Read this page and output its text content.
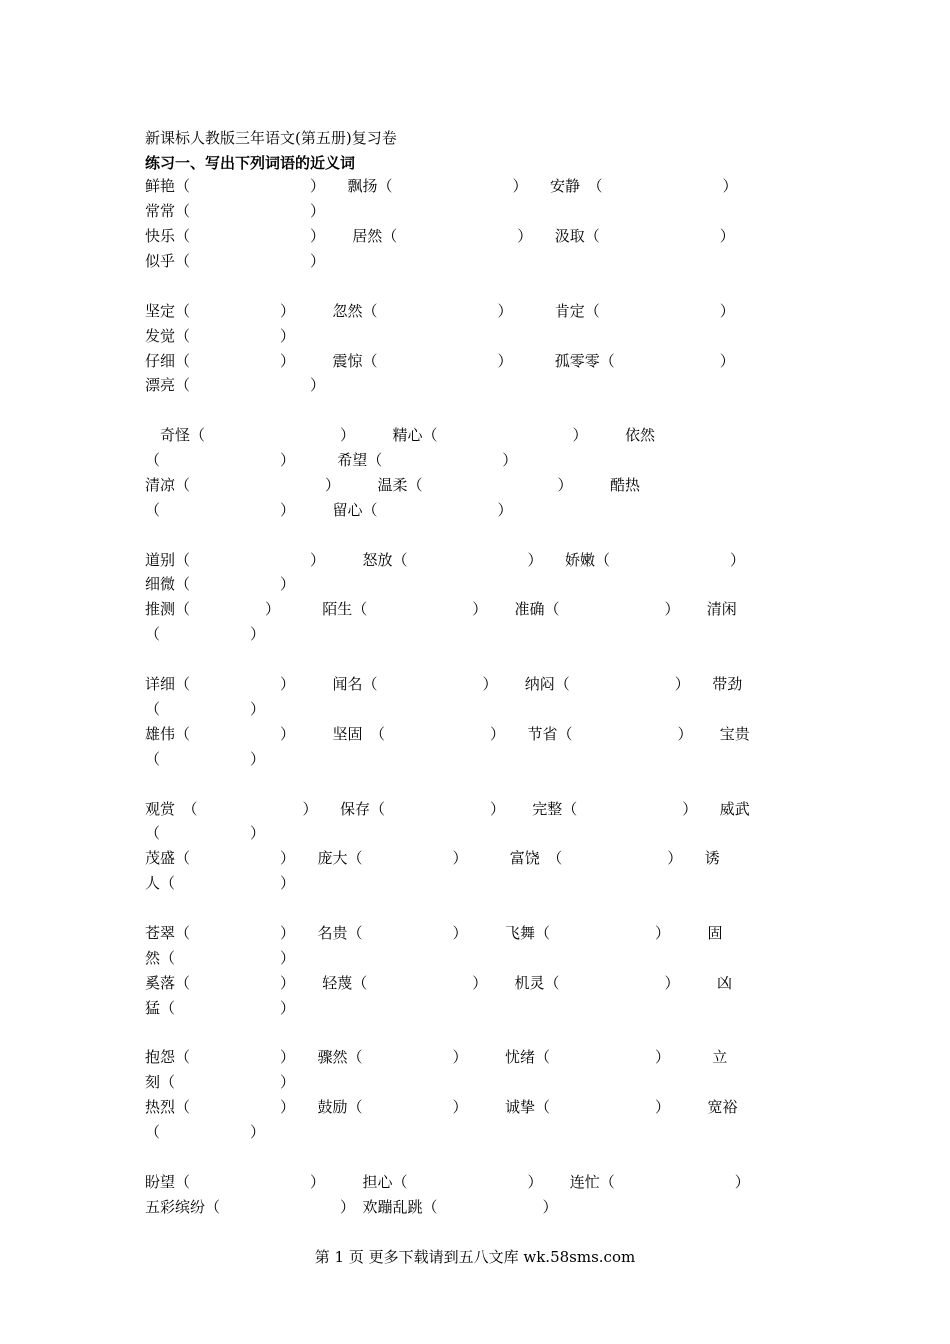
新课标人教版三年语文(第五册)复习卷
练习一、写出下列词语的近义词
鲜艳（　　　　　　　　）　　飘扬（　　　　　　　　）　　安静　（　　　　　　　　）
常常（　　　　　　　　）
快乐（　　　　　　　　）　　 居然（　　　　　　　　）　　汲取（　　　　　　　　）
似乎（　　　　　　　　）
坚定（　　　　　　）　　　忽然（　　　　　　　　）　　　 肯定（　　　　　　　　）
发觉（　　　　　　）
仔细（　　　　　　）　　　震惊（　　　　　　　　）　　　 孤零零（　　　　　　　）
漂亮（　　　　　　　　）
　奇怪（　　　　　　　　　）　　　精心（　　　　　　　　　）　　　依然
（　　　　　　　　）　　　 希望（　　　　　　　　）
清凉（　　　　　　　　　）　　　温柔（　　　　　　　　　）　　　酷热
（　　　　　　　　）　　　留心（　　　　　　　　）
道别（　　　　　　　　）　　　怒放（　　　　　　　　）　　娇嫩（　　　　　　　　）
细微（　　　　　　）
推测（　　　　　）　　　 陌生（　　　　　　　）　　 准确（　　　　　　　）　　 清闲
（　　　　　　）
详细（　　　　　　）　　　闻名（　　　　　　　）　　 纳闷（　　　　　　　）　　带劲
（　　　　　　）
雄伟（　　　　　　）　　　坚固　（　　　　　　　）　　节省（　　　　　　　）　　 宝贵
（　　　　　　）
观赏　（　　　　　　　）　　保存（　　　　　　　）　　 完整（　　　　　　　）　　威武
（　　　　　　）
茂盛（　　　　　　）　　庞大（　　　　　　）　　　 富饶　（　　　　　　　）　　诱
人（　　　　　　　）
苍翠（　　　　　　）　　名贵（　　　　　　）　　　飞舞（　　　　　　　）　　　固
然（　　　　　　　）
奚落（　　　　　　）　　 轻蔑（　　　　　　　）　　 机灵（　　　　　　　）　　　凶
猛（　　　　　　　）
抱怨（　　　　　　）　　骤然（　　　　　　）　　　忧绪（　　　　　　　）　　　 立
刻（　　　　　　　）
热烈（　　　　　　）　　鼓励（　　　　　　）　　　诚挚（　　　　　　　）　　　宽裕
（　　　　　　）
盼望（　　　　　　　　）　　　担心（　　　　　　　　）　　 连忙（　　　　　　　　）
五彩缤纷（　　　　　　　　）　欢蹦乱跳（　　　　　　　）
第 1 页 更多下载请到五八文库 wk.58sms.com
